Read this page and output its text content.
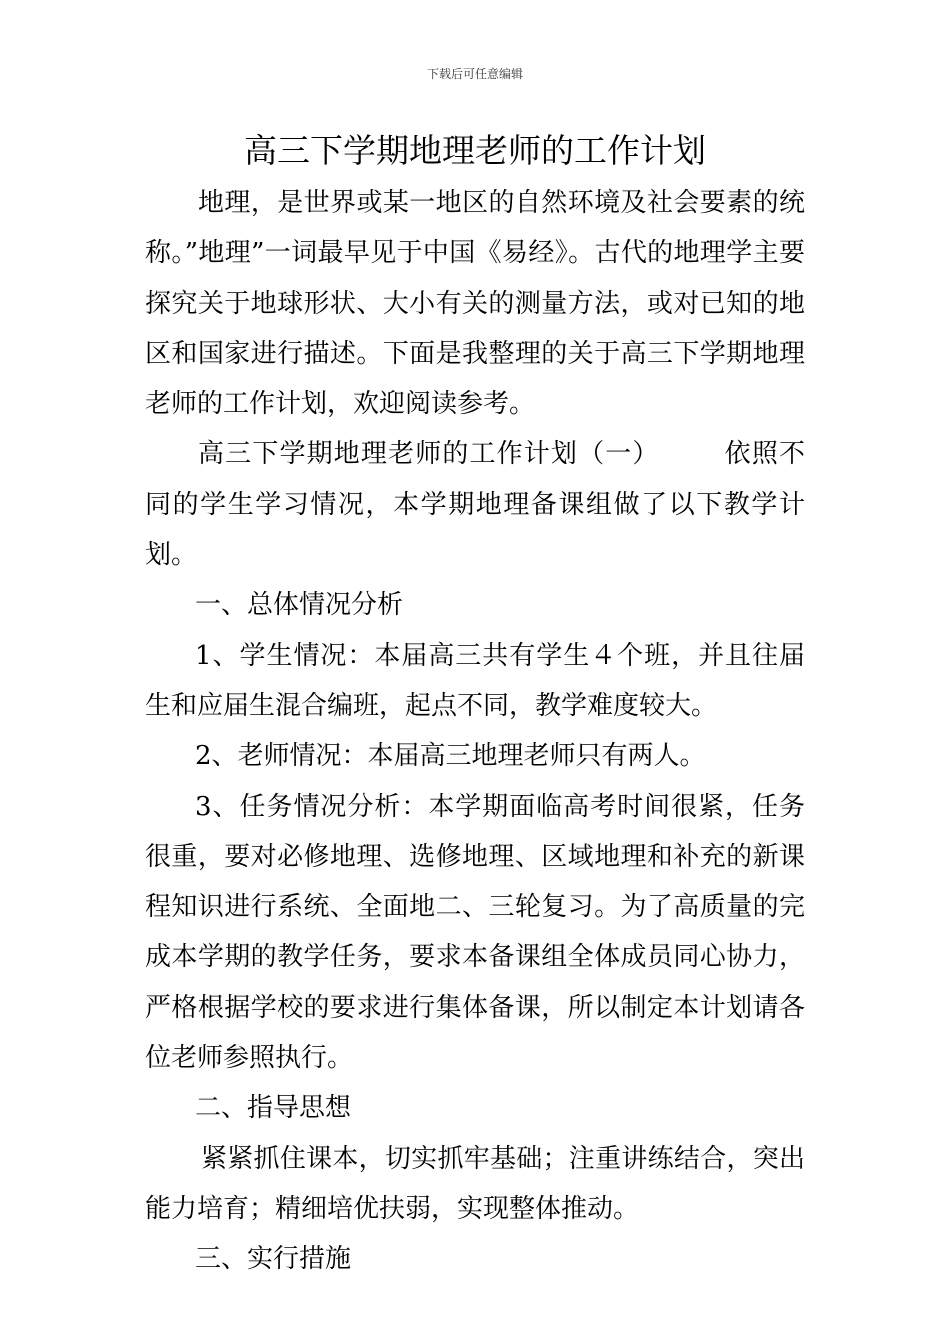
下载后可任意编辑
高三下学期地理老师的工作计划

地理，是世界或某一地区的自然环境及社会要素的统称。”地理”一词最早见于中国《易经》。古代的地理学主要探究关于地球形状、大小有关的测量方法，或对已知的地区和国家进行描述。下面是我整理的关于高三下学期地理老师的工作计划，欢迎阅读参考。

高三下学期地理老师的工作计划（一） 依照不同的学生学习情况，本学期地理备课组做了以下教学计划。

一、总体情况分析

1、学生情况：本届高三共有学生４个班，并且往届生和应届生混合编班，起点不同，教学难度较大。

2、老师情况：本届高三地理老师只有两人。

3、任务情况分析：本学期面临高考时间很紧，任务很重，要对必修地理、选修地理、区域地理和补充的新课程知识进行系统、全面地二、三轮复习。为了高质量的完成本学期的教学任务，要求本备课组全体成员同心协力，严格根据学校的要求进行集体备课，所以制定本计划请各位老师参照执行。

二、指导思想

紧紧抓住课本，切实抓牢基础；注重讲练结合，突出能力培育；精细培优扶弱，实现整体推动。

三、实行措施
